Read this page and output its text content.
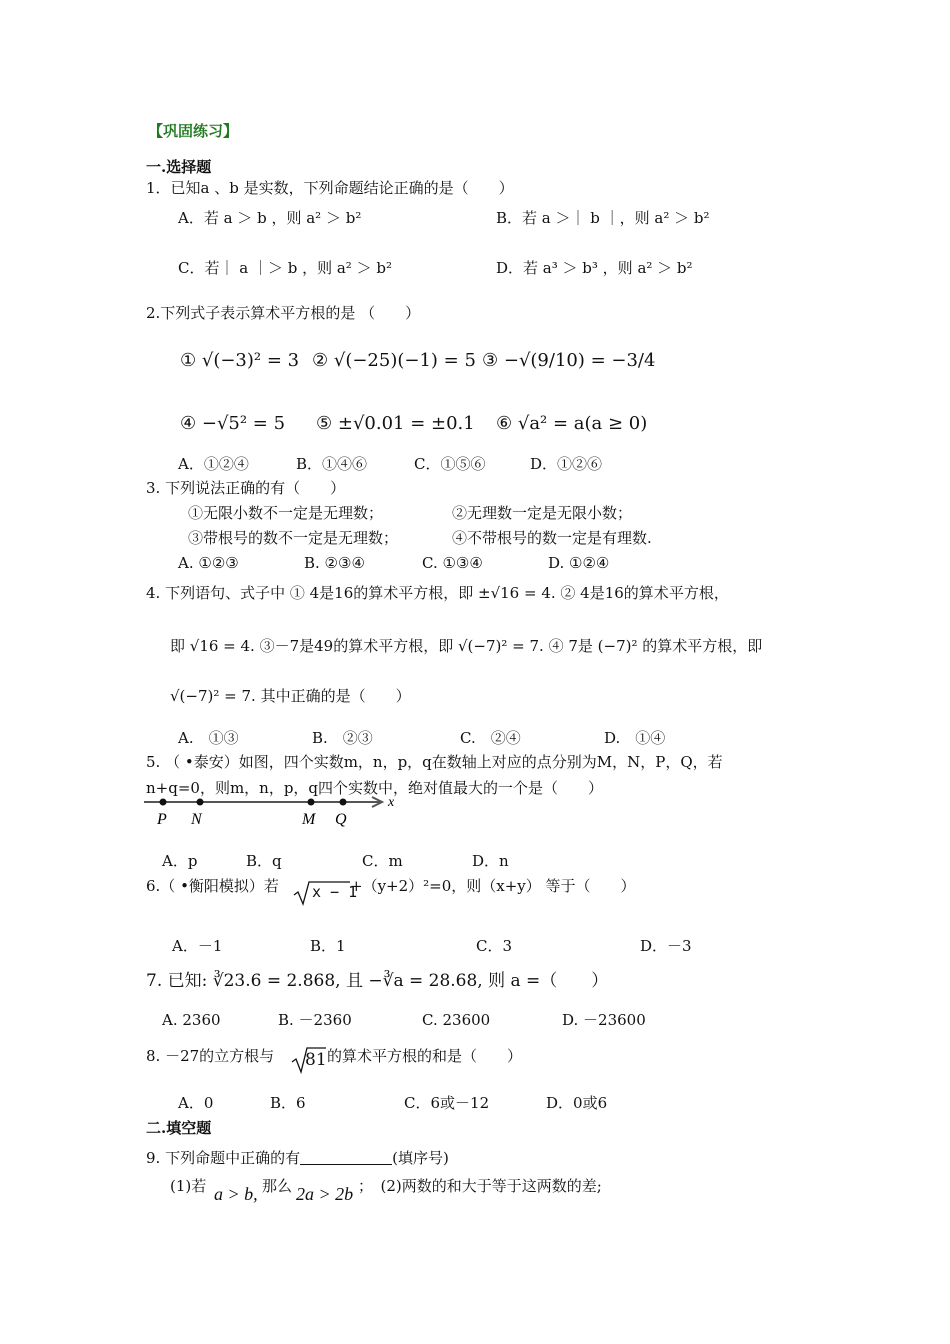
【巩固练习】
一.选择题
1．已知a 、b 是实数，下列命题结论正确的是（　　）
A．若 a ＞ b ，则 a² ＞ b²	B．若 a ＞｜ b ｜，则 a² ＞ b²
C．若｜ a ｜＞ b ，则 a² ＞ b²	D．若 a³ ＞ b³ ，则 a² ＞ b²
2.下列式子表示算术平方根的是 （　　）
① √(−3)² = 3 ② √(−25)(−1) = 5 ③ −√(9/10) = −3/4
④ −√5² = 5 ⑤ ±√0.01 = ±0.1 ⑥ √a² = a(a ≥ 0)
A．①②④	B．①④⑥	C．①⑤⑥	D．①②⑥
3. 下列说法正确的有（　　）
①无限小数不一定是无理数；	②无理数一定是无限小数；
③带根号的数不一定是无理数；	④不带根号的数一定是有理数.
A. ①②③	B. ②③④	C. ①③④	D. ①②④
4. 下列语句、式子中 ① 4是16的算术平方根，即 ±√16 = 4. ② 4是16的算术平方根，
即 √16 = 4. ③－7是49的算术平方根，即 √(−7)² = 7. ④ 7是 (−7)² 的算术平方根，即
√(−7)² = 7. 其中正确的是（　　）
A.　①③	B.　②③	C.　②④	D.　①④
5. （ •泰安）如图，四个实数m，n，p，q在数轴上对应的点分别为M，N，P，Q，若
n+q=0，则m，n，p，q四个实数中，绝对值最大的一个是（　　）
x
P N	M Q
A．p	B．q	C．m	D．n
6.（ •衡阳模拟）若 x − 1
+（y+2）²=0，则（x+y） 等于（　　）
A．－1	B．1	C．3	D．－3
7. 已知: ∛23.6 = 2.868, 且 −∛a = 28.68, 则 a =（　　）
A. 2360	B. －2360	C. 23600	D. －23600
8. －27的立方根与 81 的算术平方根的和是（　　）
A．0	B．6	C．6或－12	D．0或6
二.填空题
9. 下列命题中正确的有	(填序号)
(1)若 a > b, 那么 2a > 2b ；　(2)两数的和大于等于这两数的差;
